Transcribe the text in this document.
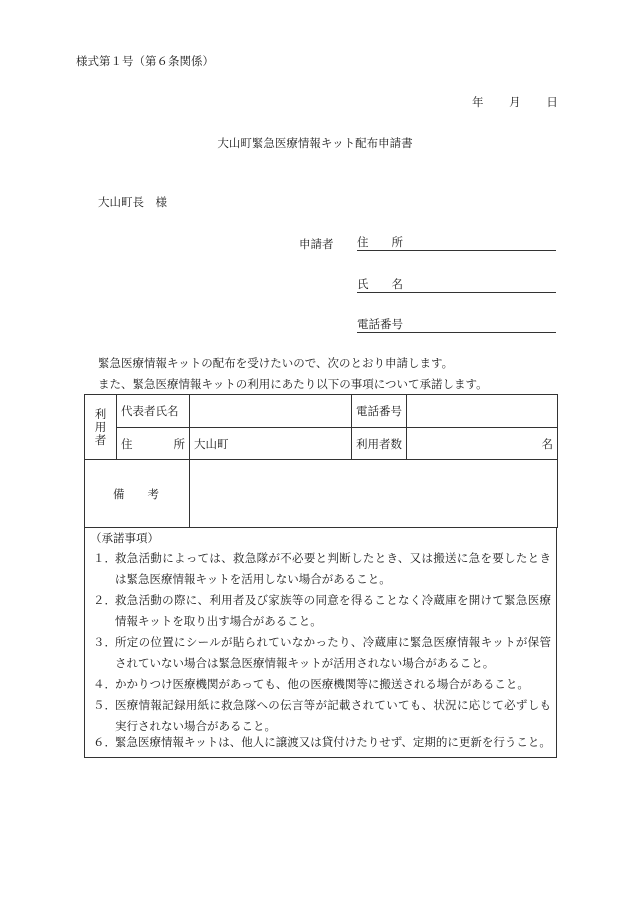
様式第１号（第６条関係）
年 月 日
大山町緊急医療情報キット配布申請書
大山町長　様
申請者 住　　所
氏　　名
電話番号
緊急医療情報キットの配布を受けたいので、次のとおり申請します。
また、緊急医療情報キットの利用にあたり以下の事項について承諾します。
利
用
者	代表者氏名		電話番号	
	住　　所	大山町	利用者数	名
備　　考				
（承諾事項）
１． 救急活動によっては、救急隊が不必要と判断したとき、又は搬送に急を要したときは緊急医療情報キットを活用しない場合があること。
２． 救急活動の際に、利用者及び家族等の同意を得ることなく冷蔵庫を開けて緊急医療情報キットを取り出す場合があること。
３． 所定の位置にシールが貼られていなかったり、冷蔵庫に緊急医療情報キットが保管されていない場合は緊急医療情報キットが活用されない場合があること。
４． かかりつけ医療機関があっても、他の医療機関等に搬送される場合があること。
５． 医療情報記録用紙に救急隊への伝言等が記載されていても、状況に応じて必ずしも実行されない場合があること。
６． 緊急医療情報キットは、他人に譲渡又は貸付けたりせず、定期的に更新を行うこと。
